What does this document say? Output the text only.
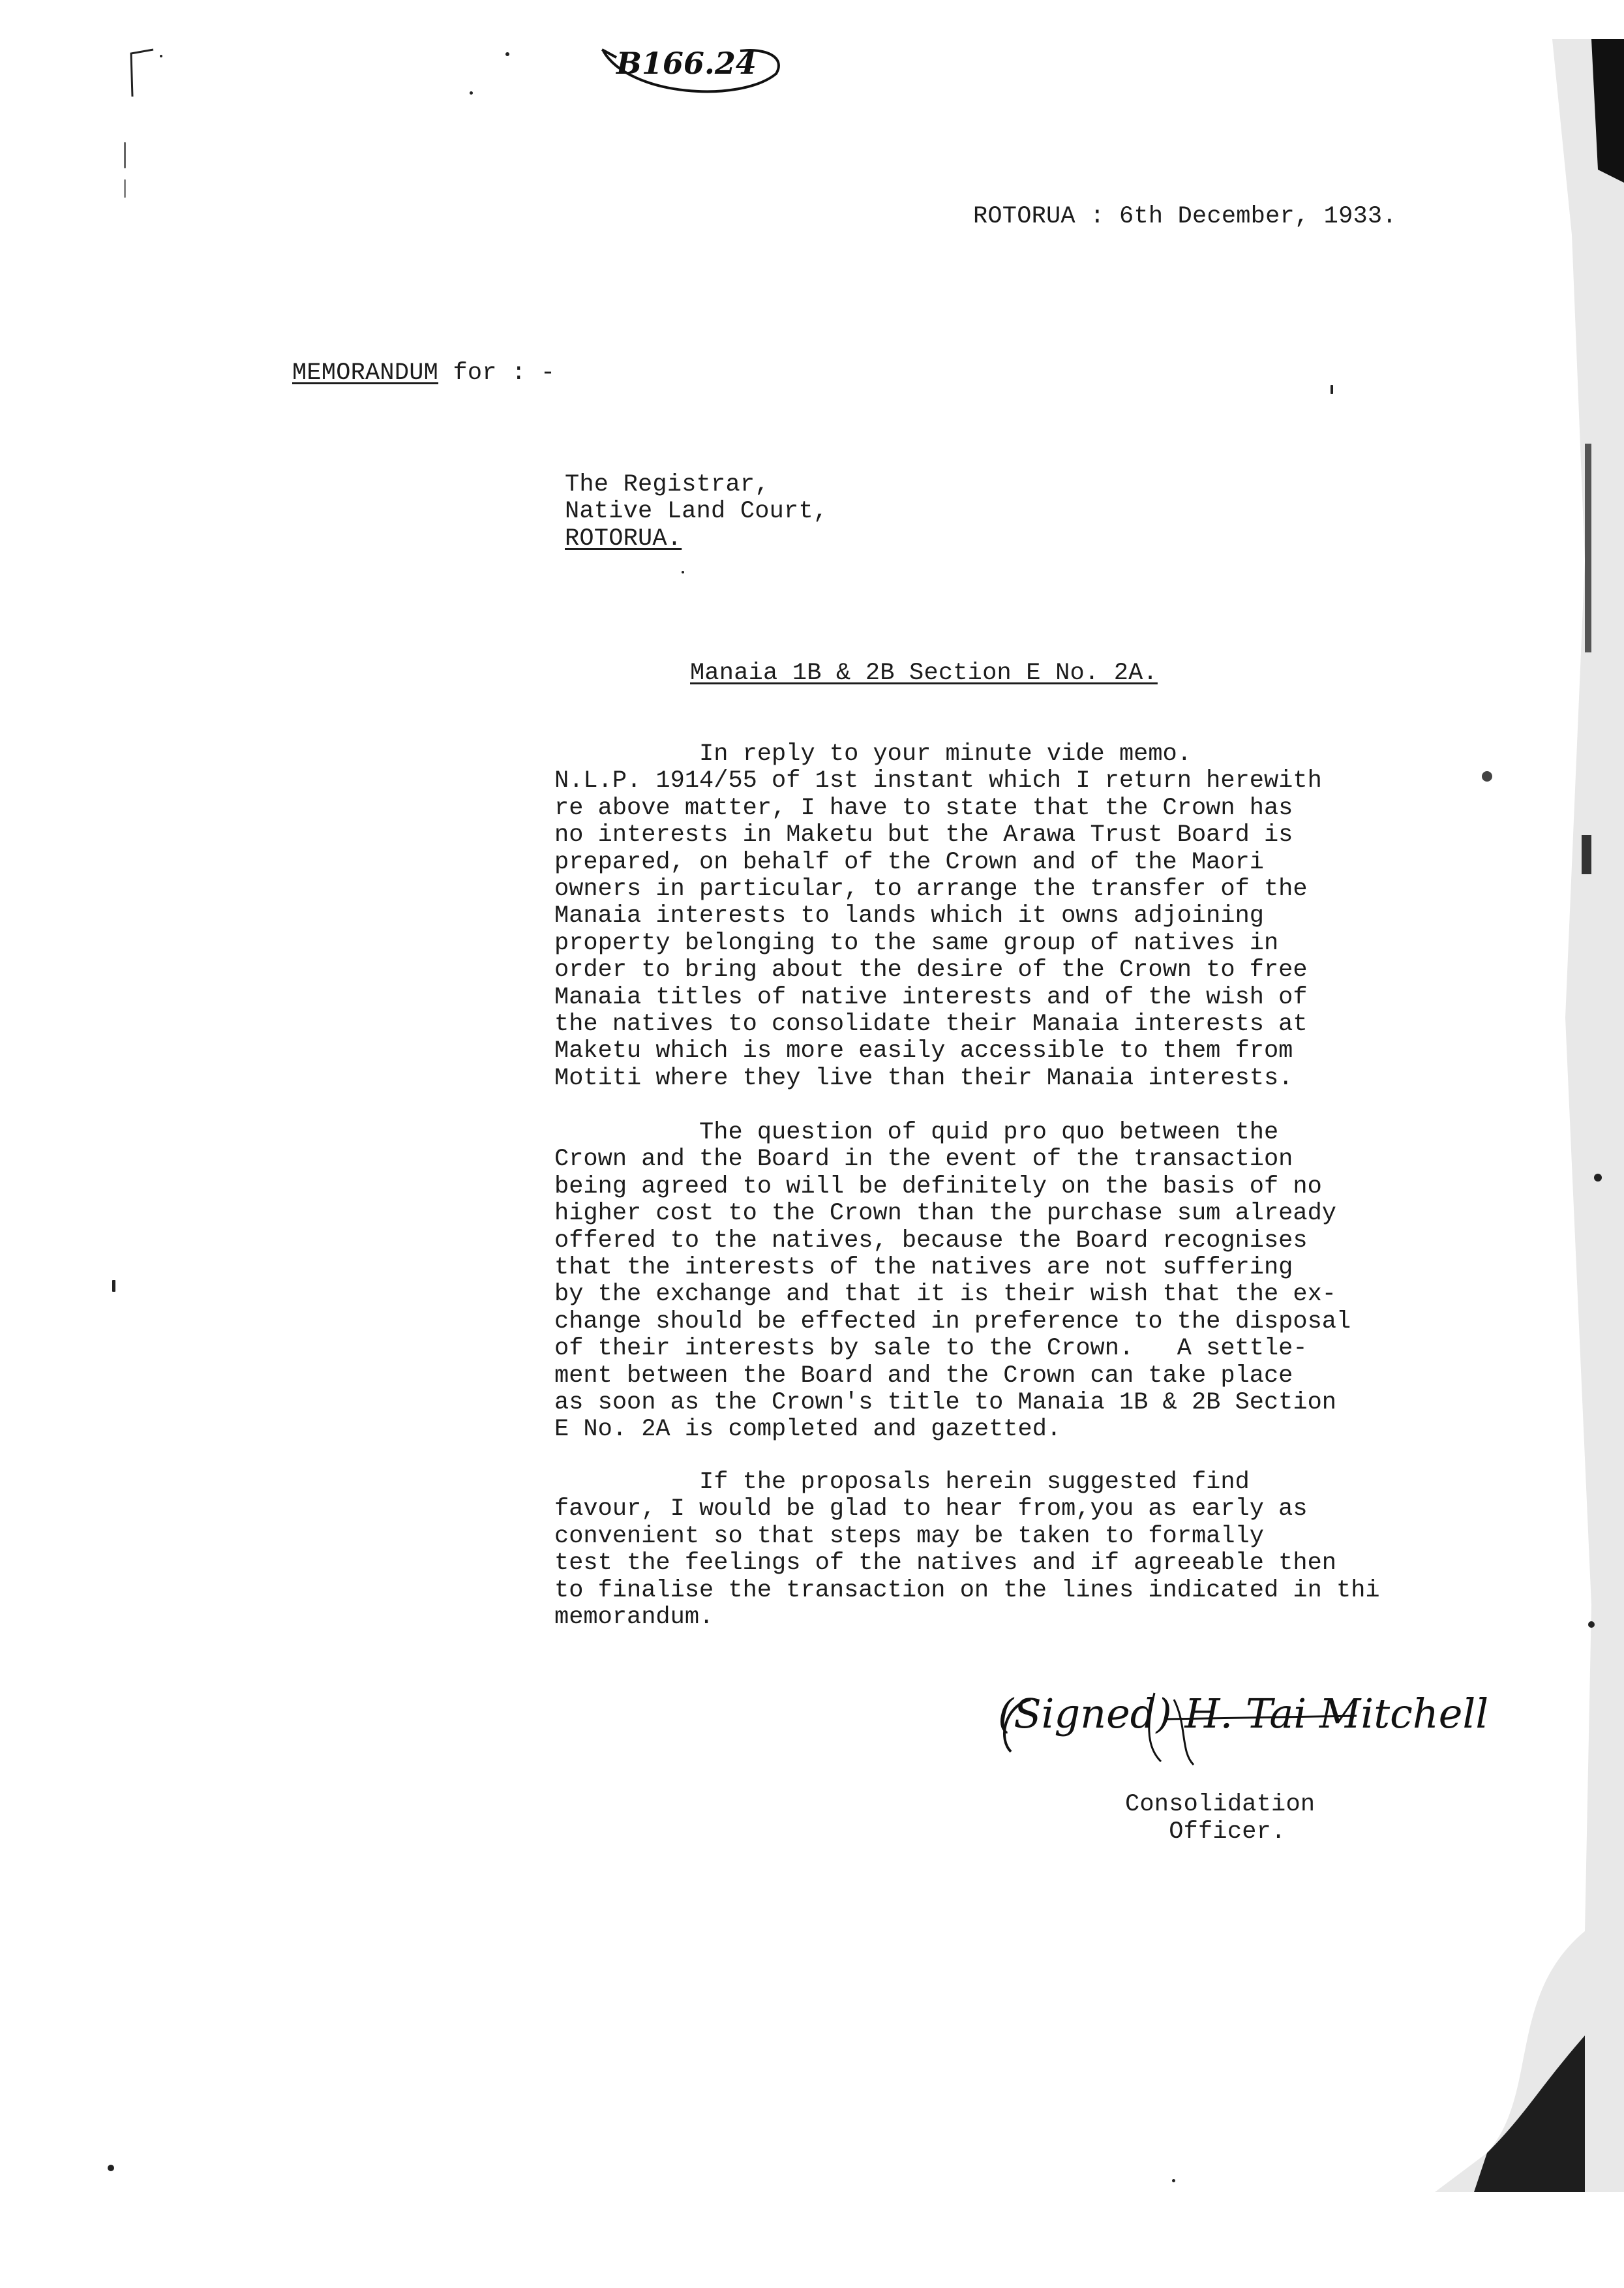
B166.24
ROTORUA : 6th December, 1933.
MEMORANDUM for : -
The Registrar,
Native Land Court,
ROTORUA.
Manaia 1B & 2B Section E No. 2A.
In reply to your minute vide memo.
N.L.P. 1914/55 of 1st instant which I return herewith
re above matter, I have to state that the Crown has
no interests in Maketu but the Arawa Trust Board is
prepared, on behalf of the Crown and of the Maori
owners in particular, to arrange the transfer of the
Manaia interests to lands which it owns adjoining
property belonging to the same group of natives in
order to bring about the desire of the Crown to free
Manaia titles of native interests and of the wish of
the natives to consolidate their Manaia interests at
Maketu which is more easily accessible to them from
Motiti where they live than their Manaia interests.
The question of quid pro quo between the
Crown and the Board in the event of the transaction
being agreed to will be definitely on the basis of no
higher cost to the Crown than the purchase sum already
offered to the natives, because the Board recognises
that the interests of the natives are not suffering
by the exchange and that it is their wish that the ex-
change should be effected in preference to the disposal
of their interests by sale to the Crown.   A settle-
ment between the Board and the Crown can take place
as soon as the Crown's title to Manaia 1B & 2B Section
E No. 2A is completed and gazetted.
If the proposals herein suggested find
favour, I would be glad to hear from,you as early as
convenient so that steps may be taken to formally
test the feelings of the natives and if agreeable then
to finalise the transaction on the lines indicated in thi
memorandum.
(Signed) H. Tai Mitchell
Consolidation
Officer.
